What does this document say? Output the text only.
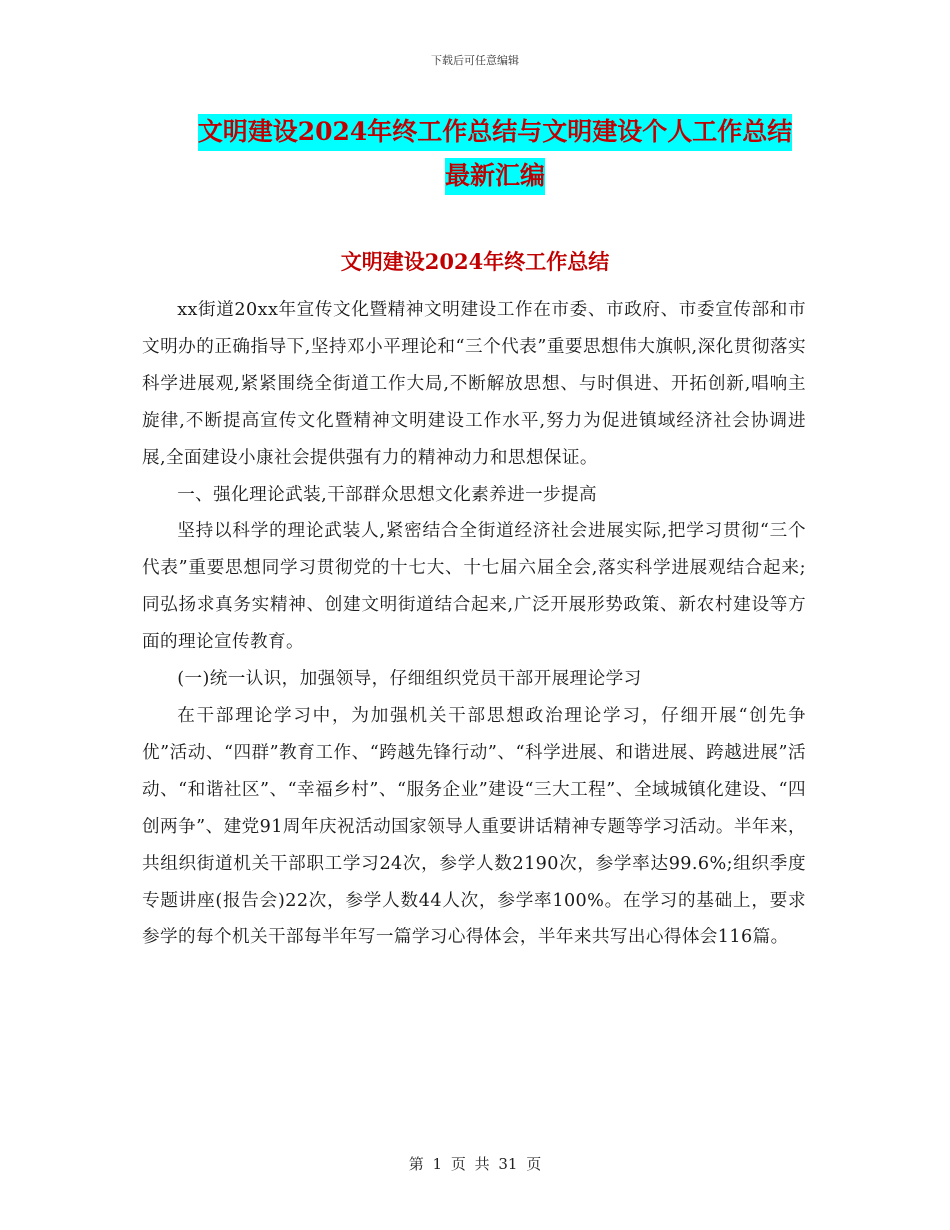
下载后可任意编辑
文明建设2024年终工作总结与文明建设个人工作总结
最新汇编
文明建设2024年终工作总结

xx街道20xx年宣传文化暨精神文明建设工作在市委、市政府、市委宣传部和市文明办的正确指导下,坚持邓小平理论和“三个代表”重要思想伟大旗帜,深化贯彻落实科学进展观,紧紧围绕全街道工作大局,不断解放思想、与时俱进、开拓创新,唱响主旋律,不断提高宣传文化暨精神文明建设工作水平,努力为促进镇域经济社会协调进展,全面建设小康社会提供强有力的精神动力和思想保证。

一、强化理论武装,干部群众思想文化素养进一步提高

坚持以科学的理论武装人,紧密结合全街道经济社会进展实际,把学习贯彻“三个代表”重要思想同学习贯彻党的十七大、十七届六届全会,落实科学进展观结合起来;同弘扬求真务实精神、创建文明街道结合起来,广泛开展形势政策、新农村建设等方面的理论宣传教育。

(一)统一认识，加强领导，仔细组织党员干部开展理论学习

在干部理论学习中，为加强机关干部思想政治理论学习，仔细开展“创先争优”活动、“四群”教育工作、“跨越先锋行动”、“科学进展、和谐进展、跨越进展”活动、“和谐社区”、“幸福乡村”、“服务企业”建设“三大工程”、全域城镇化建设、“四创两争”、建党91周年庆祝活动国家领导人重要讲话精神专题等学习活动。半年来，共组织街道机关干部职工学习24次，参学人数2190次，参学率达99.6%;组织季度专题讲座(报告会)22次，参学人数44人次，参学率100%。在学习的基础上，要求参学的每个机关干部每半年写一篇学习心得体会，半年来共写出心得体会116篇。

第 1 页 共 31 页
